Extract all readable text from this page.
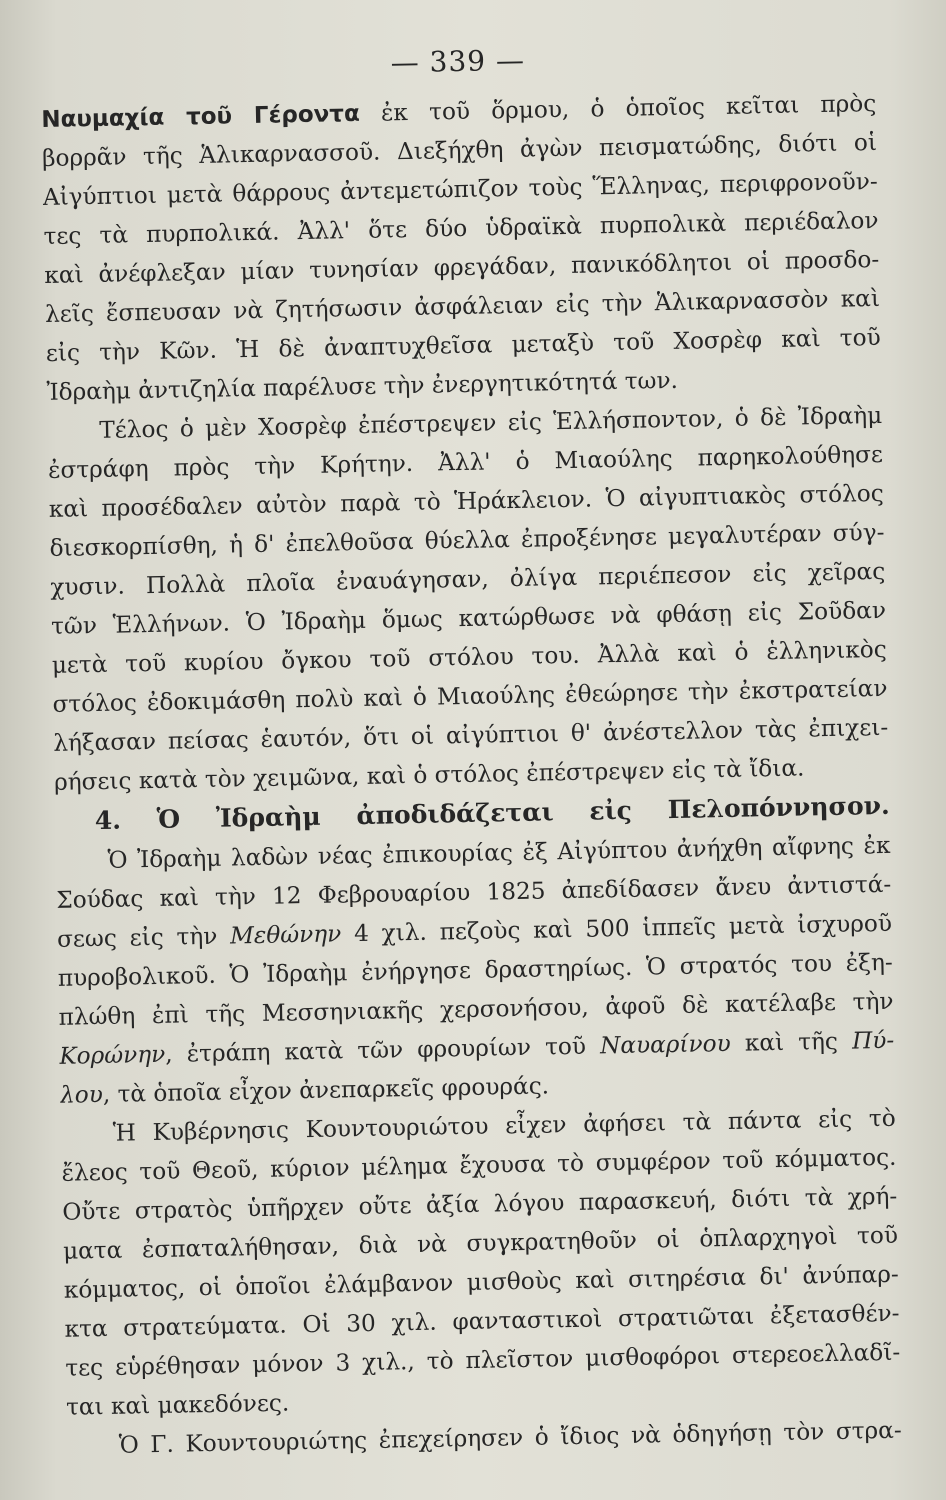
— 339 —
Ναυμαχία τοῦ Γέροντα ἐκ τοῦ ὅρμου, ὁ ὁποῖος κεῖται πρὸς
βορρᾶν τῆς Ἁλικαρνασσοῦ. Διεξήχθη ἀγὼν πεισματώδης, διότι οἱ
Αἰγύπτιοι μετὰ θάρρους ἀντεμετώπιζον τοὺς Ἕλληνας, περιφρονοῦν-
τες τὰ πυρπολικά. Ἀλλ' ὅτε δύο ὑδραϊκὰ πυρπολικὰ περιέδαλον
καὶ ἀνέφλεξαν μίαν τυνησίαν φρεγάδαν, πανικόδλητοι οἱ προσδο-
λεῖς ἔσπευσαν νὰ ζητήσωσιν ἀσφάλειαν εἰς τὴν Ἁλικαρνασσὸν καὶ
εἰς τὴν Κῶν. Ἡ δὲ ἀναπτυχθεῖσα μεταξὺ τοῦ Χοσρὲφ καὶ τοῦ
Ἰδραὴμ ἀντιζηλία παρέλυσε τὴν ἐνεργητικότητά των.
Τέλος ὁ μὲν Χοσρὲφ ἐπέστρεψεν εἰς Ἑλλήσποντον, ὁ δὲ Ἰδραὴμ
ἐστράφη πρὸς τὴν Κρήτην. Ἀλλ' ὁ Μιαούλης παρηκολούθησε
καὶ προσέδαλεν αὐτὸν παρὰ τὸ Ἡράκλειον. Ὁ αἰγυπτιακὸς στόλος
διεσκορπίσθη, ἡ δ' ἐπελθοῦσα θύελλα ἐπροξένησε μεγαλυτέραν σύγ-
χυσιν. Πολλὰ πλοῖα ἐναυάγησαν, ὀλίγα περιέπεσον εἰς χεῖρας
τῶν Ἑλλήνων. Ὁ Ἰδραὴμ ὅμως κατώρθωσε νὰ φθάσῃ εἰς Σοῦδαν
μετὰ τοῦ κυρίου ὄγκου τοῦ στόλου του. Ἀλλὰ καὶ ὁ ἑλληνικὸς
στόλος ἐδοκιμάσθη πολὺ καὶ ὁ Μιαούλης ἐθεώρησε τὴν ἐκστρατείαν
λήξασαν πείσας ἑαυτόν, ὅτι οἱ αἰγύπτιοι θ' ἀνέστελλον τὰς ἐπιχει-
ρήσεις κατὰ τὸν χειμῶνα, καὶ ὁ στόλος ἐπέστρεψεν εἰς τὰ ἴδια.
4. Ὁ Ἰδραὴμ ἀποδιδάζεται εἰς Πελοπόννησον.
Ὁ Ἰδραὴμ λαδὼν νέας ἐπικουρίας ἐξ Αἰγύπτου ἀνήχθη αἴφνης ἐκ
Σούδας καὶ τὴν 12 Φεβρουαρίου 1825 ἀπεδίδασεν ἄνευ ἀντιστά-
σεως εἰς τὴν Μεθώνην 4 χιλ. πεζοὺς καὶ 500 ἱππεῖς μετὰ ἰσχυροῦ
πυροβολικοῦ. Ὁ Ἰδραὴμ ἐνήργησε δραστηρίως. Ὁ στρατός του ἐξη-
πλώθη ἐπὶ τῆς Μεσσηνιακῆς χερσονήσου, ἀφοῦ δὲ κατέλαβε τὴν
Κορώνην, ἐτράπη κατὰ τῶν φρουρίων τοῦ Ναυαρίνου καὶ τῆς Πύ-
λου, τὰ ὁποῖα εἶχον ἀνεπαρκεῖς φρουράς.
Ἡ Κυβέρνησις Κουντουριώτου εἶχεν ἀφήσει τὰ πάντα εἰς τὸ
ἔλεος τοῦ Θεοῦ, κύριον μέλημα ἔχουσα τὸ συμφέρον τοῦ κόμματος.
Οὔτε στρατὸς ὑπῆρχεν οὔτε ἀξία λόγου παρασκευή, διότι τὰ χρή-
ματα ἐσπαταλήθησαν, διὰ νὰ συγκρατηθοῦν οἱ ὁπλαρχηγοὶ τοῦ
κόμματος, οἱ ὁποῖοι ἐλάμβανον μισθοὺς καὶ σιτηρέσια δι' ἀνύπαρ-
κτα στρατεύματα. Οἱ 30 χιλ. φανταστικοὶ στρατιῶται ἐξετασθέν-
τες εὑρέθησαν μόνον 3 χιλ., τὸ πλεῖστον μισθοφόροι στερεοελλαδῖ-
ται καὶ μακεδόνες.
Ὁ Γ. Κουντουριώτης ἐπεχείρησεν ὁ ἴδιος νὰ ὁδηγήσῃ τὸν στρα-
